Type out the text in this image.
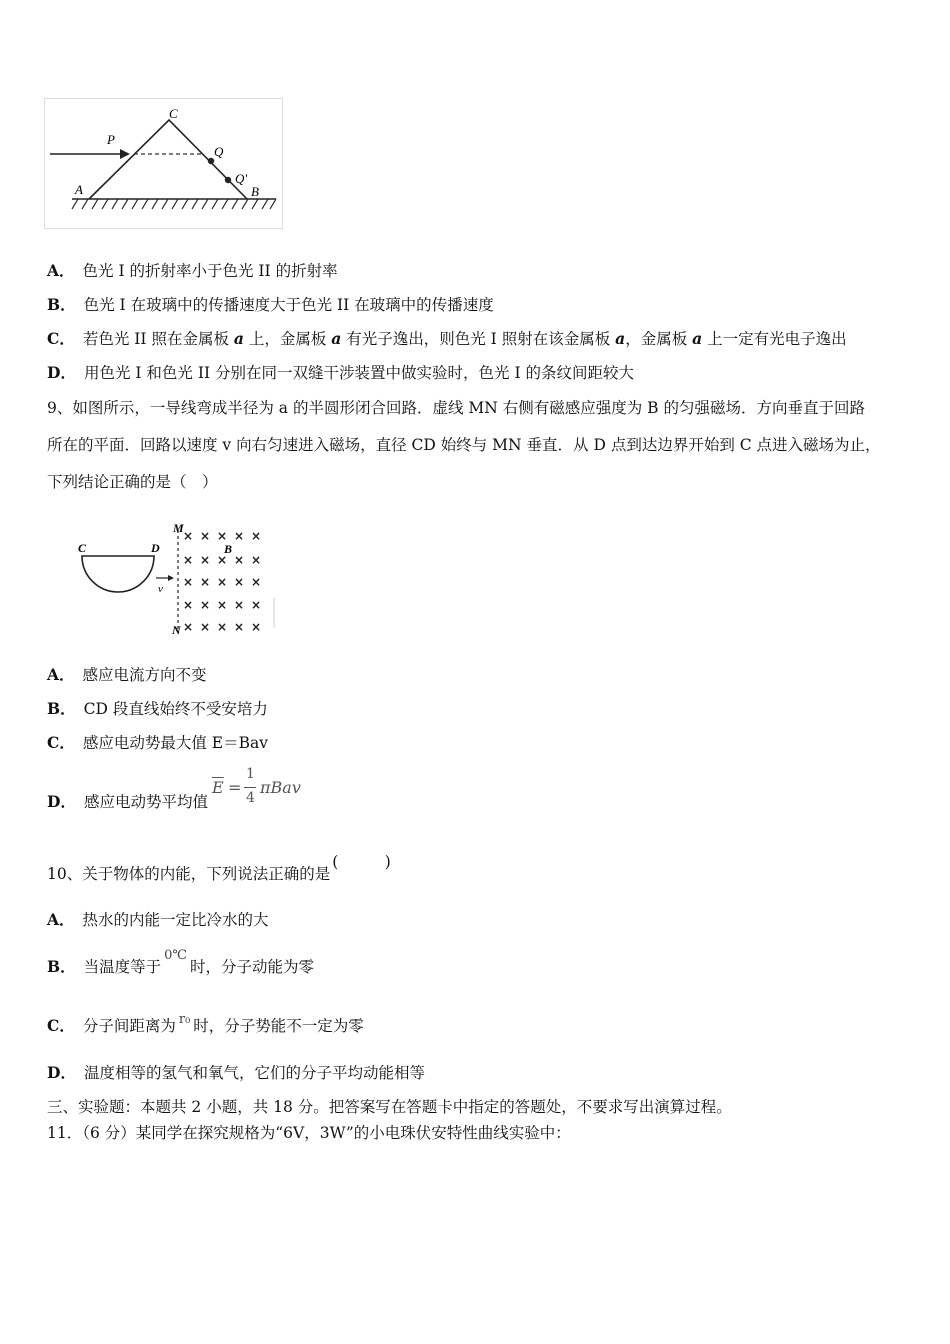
P
C
Q
Q'
A	B
A． 色光 I 的折射率小于色光 II 的折射率
B． 色光 I 在玻璃中的传播速度大于色光 II 在玻璃中的传播速度
C． 若色光 II 照在金属板 a 上，金属板 a 有光子逸出，则色光 I 照射在该金属板 a，金属板 a 上一定有光电子逸出
D． 用色光 I 和色光 II 分别在同一双缝干涉装置中做实验时，色光 I 的条纹间距较大
9、如图所示，一导线弯成半径为 a 的半圆形闭合回路．虚线 MN 右侧有磁感应强度为 B 的匀强磁场．方向垂直于回路
所在的平面．回路以速度 v 向右匀速进入磁场，直径 CD 始终与 MN 垂直．从 D 点到达边界开始到 C 点进入磁场为止，
下列结论正确的是（　）
C	D
v
M
N
B
× × × × ×
× × × × ×
× × × × ×
× × × × ×
× × × × ×
A． 感应电流方向不变
B． CD 段直线始终不受安培力
C． 感应电动势最大值 E＝Bav
D． 感应电动势平均值
$\overline{E}$ =
1
4
πBav
10、关于物体的内能，下列说法正确的是(　　　)
A． 热水的内能一定比冷水的大
B． 当温度等于$^{0℃}$时，分子动能为零
C． 分子间距离为 $^{r_0}$ 时，分子势能不一定为零
D． 温度相等的氢气和氧气，它们的分子平均动能相等
三、实验题：本题共 2 小题，共 18 分。把答案写在答题卡中指定的答题处，不要求写出演算过程。
11．（6 分）某同学在探究规格为“6V，3W”的小电珠伏安特性曲线实验中：
